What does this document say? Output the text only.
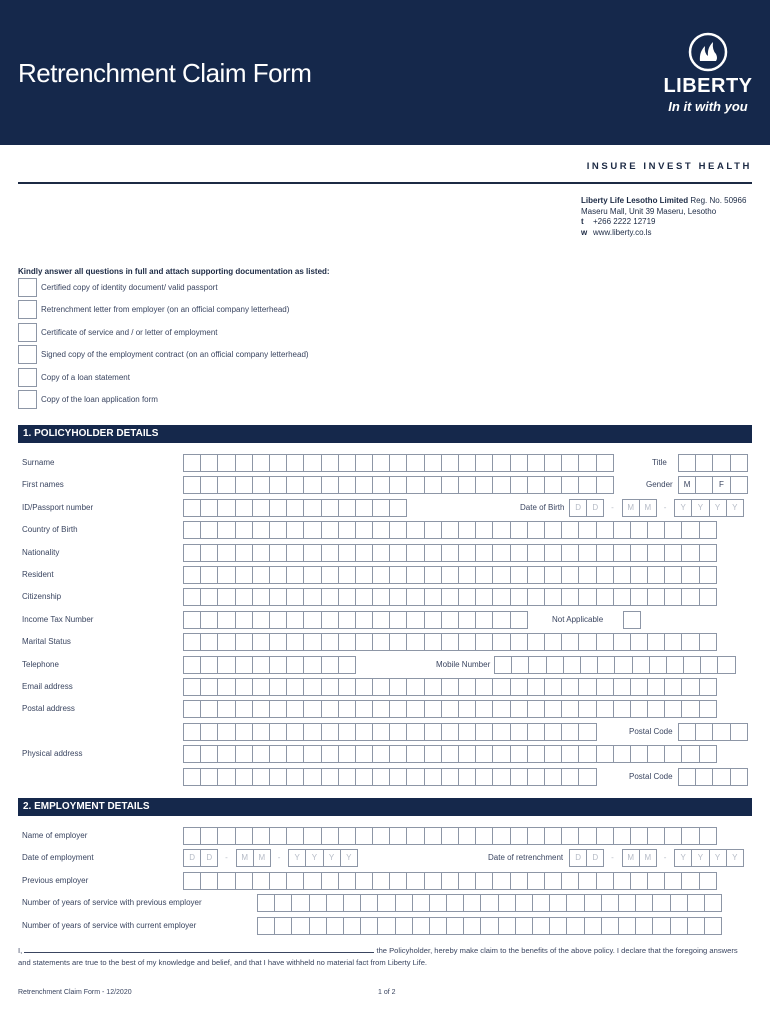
Retrenchment Claim Form	LIBERTY
In it with you
INSURE INVEST HEALTH
Liberty Life Lesotho Limited Reg. No. 50966
Maseru Mall, Unit 39 Maseru, Lesotho
t +266 2222 12719
w www.liberty.co.ls
Kindly answer all questions in full and attach supporting documentation as listed:
Certified copy of identity document/ valid passport
Retrenchment letter from employer (on an official company letterhead)
Certificate of service and / or letter of employment
Signed copy of the employment contract (on an official company letterhead)
Copy of a loan statement
Copy of the loan application form
1. POLICYHOLDER DETAILS
Surname	Title
First names	Gender	M	F
ID/Passport number	Date of Birth	D	D	-	M	M	-	Y	Y	Y	Y
Country of Birth
Nationality
Resident
Citizenship
Income Tax Number	Not Applicable
Marital Status
Telephone	Mobile Number
Email address
Postal address
Postal Code
Physical address
Postal Code
2. EMPLOYMENT DETAILS
Name of employer
Date of employment	D	D	-	M	M	-	Y	Y	Y	Y	Date of retrenchment	D	D	-	M	M	-	Y	Y	Y	Y
Previous employer
Number of years of service with previous employer
Number of years of service with current employer
I,	the Policyholder, hereby make claim to the benefits of the above policy. I declare that the foregoing answers and statements are true to the best of my knowledge and belief, and that I have withheld no material fact from Liberty Life.
Retrenchment Claim Form - 12/2020	1 of 2
